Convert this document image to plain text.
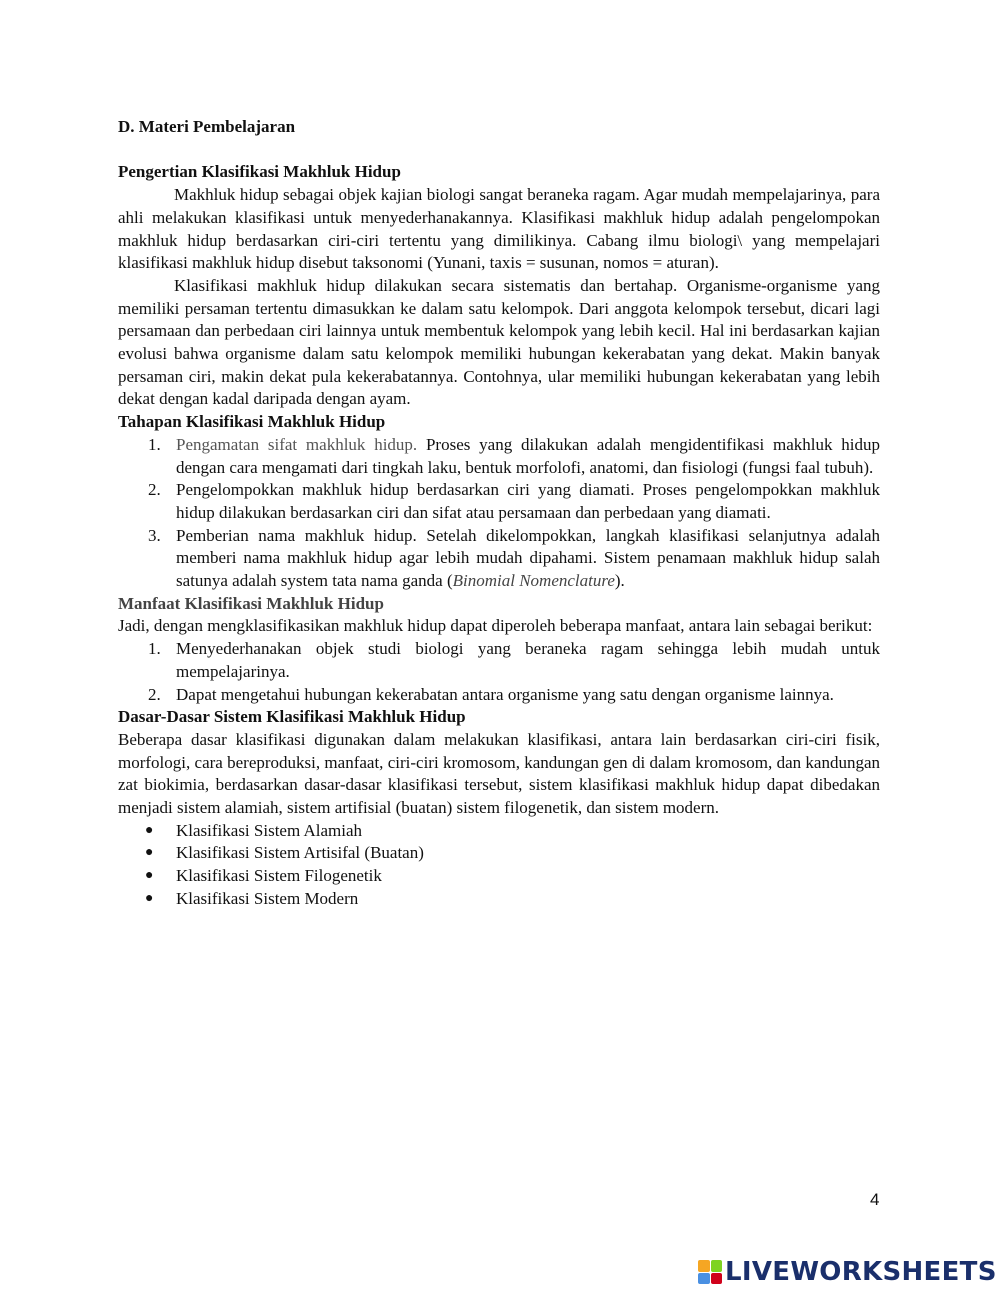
D. Materi Pembelajaran
Pengertian Klasifikasi Makhluk Hidup

Makhluk hidup sebagai objek kajian biologi sangat beraneka ragam. Agar mudah mempelajarinya, para ahli melakukan klasifikasi untuk menyederhanakannya. Klasifikasi makhluk hidup adalah pengelompokan makhluk hidup berdasarkan ciri-ciri tertentu yang dimilikinya. Cabang ilmu biologi\ yang mempelajari klasifikasi makhluk hidup disebut taksonomi (Yunani, taxis = susunan, nomos = aturan).

Klasifikasi makhluk hidup dilakukan secara sistematis dan bertahap. Organisme-organisme yang memiliki persaman tertentu dimasukkan ke dalam satu kelompok. Dari anggota kelompok tersebut, dicari lagi persamaan dan perbedaan ciri lainnya untuk membentuk kelompok yang lebih kecil. Hal ini berdasarkan kajian evolusi bahwa organisme dalam satu kelompok memiliki hubungan kekerabatan yang dekat. Makin banyak persaman ciri, makin dekat pula kekerabatannya. Contohnya, ular memiliki hubungan kekerabatan yang lebih dekat dengan kadal daripada dengan ayam.

Tahapan Klasifikasi Makhluk Hidup
1. Pengamatan sifat makhluk hidup. Proses yang dilakukan adalah mengidentifikasi makhluk hidup dengan cara mengamati dari tingkah laku, bentuk morfolofi, anatomi, dan fisiologi (fungsi faal tubuh).
2. Pengelompokkan makhluk hidup berdasarkan ciri yang diamati. Proses pengelompokkan makhluk hidup dilakukan berdasarkan ciri dan sifat atau persamaan dan perbedaan yang diamati.
3. Pemberian nama makhluk hidup. Setelah dikelompokkan, langkah klasifikasi selanjutnya adalah memberi nama makhluk hidup agar lebih mudah dipahami. Sistem penamaan makhluk hidup salah satunya adalah system tata nama ganda (Binomial Nomenclature).
Manfaat Klasifikasi Makhluk Hidup

Jadi, dengan mengklasifikasikan makhluk hidup dapat diperoleh beberapa manfaat, antara lain sebagai berikut:

1. Menyederhanakan objek studi biologi yang beraneka ragam sehingga lebih mudah untuk mempelajarinya.
2. Dapat mengetahui hubungan kekerabatan antara organisme yang satu dengan organisme lainnya.
Dasar-Dasar Sistem Klasifikasi Makhluk Hidup

Beberapa dasar klasifikasi digunakan dalam melakukan klasifikasi, antara lain berdasarkan ciri-ciri fisik, morfologi, cara bereproduksi, manfaat, ciri-ciri kromosom, kandungan gen di dalam kromosom, dan kandungan zat biokimia, berdasarkan dasar-dasar klasifikasi tersebut, sistem klasifikasi makhluk hidup dapat dibedakan menjadi sistem alamiah, sistem artifisial (buatan) sistem filogenetik, dan sistem modern.

● Klasifikasi Sistem Alamiah
● Klasifikasi Sistem Artisifal (Buatan)
● Klasifikasi Sistem Filogenetik
● Klasifikasi Sistem Modern
4
LIVEWORKSHEETS
